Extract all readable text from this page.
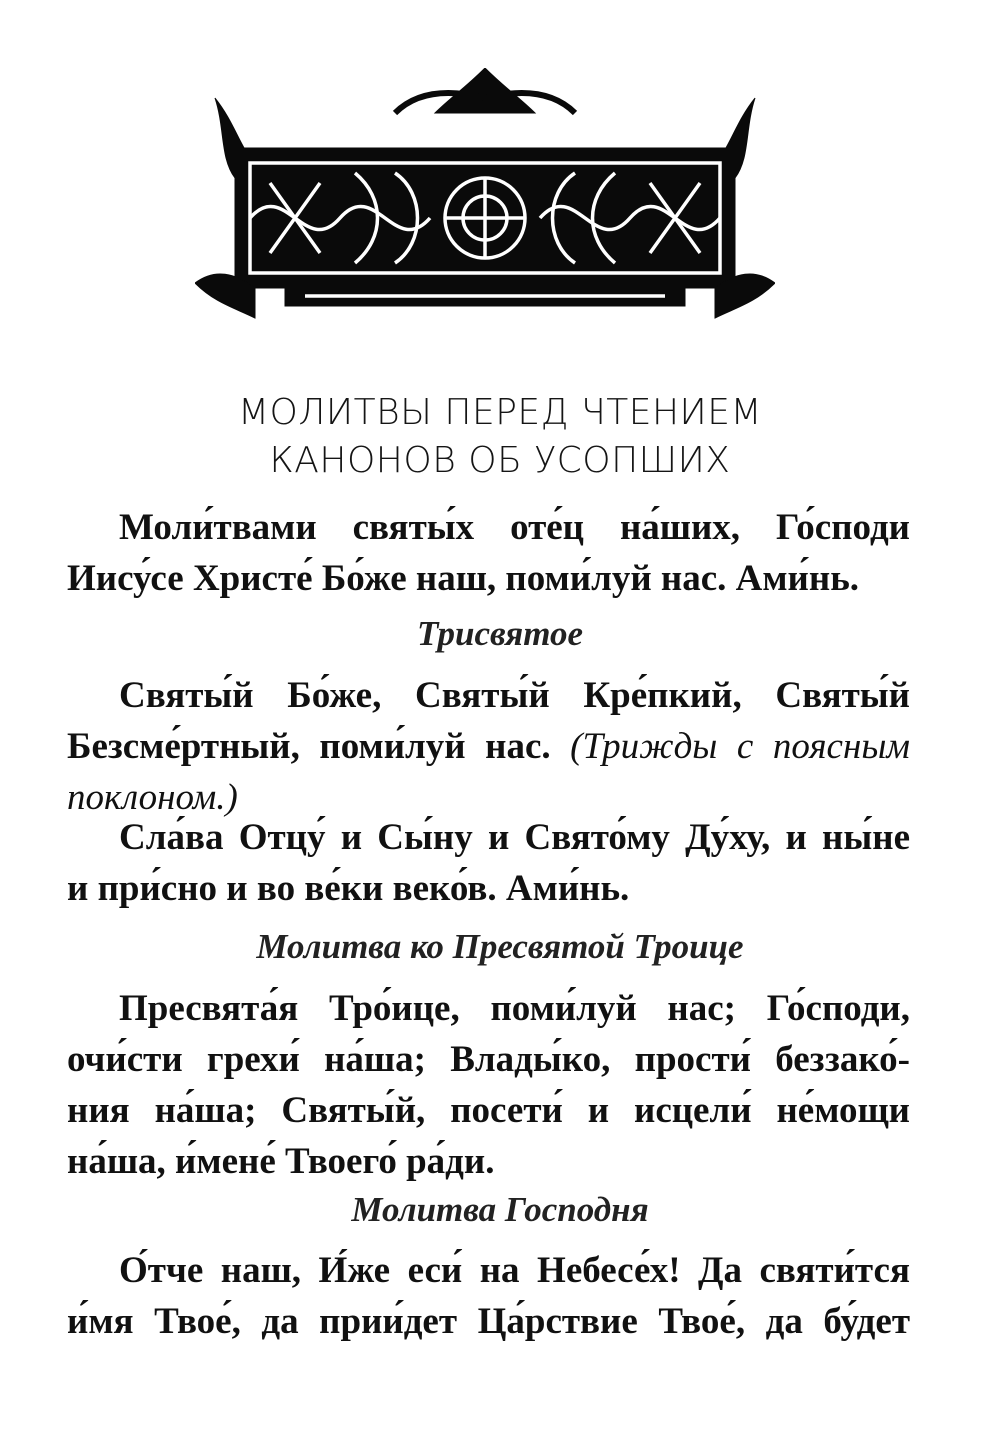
МОЛИТВЫ ПЕРЕД ЧТЕНИЕМ
КАНОНОВ ОБ УСОПШИХ
Моли́твами святы́х оте́ц на́ших, Го́споди
Иису́се Христе́ Бо́же наш, поми́луй нас. Ами́нь.
Трисвятое
Святы́й Бо́же, Святы́й Кре́пкий, Святы́й
Безсме́ртный, поми́луй нас. (Трижды с поясным
поклоном.)
Сла́ва Отцу́ и Сы́ну и Свято́му Ду́ху, и ны́не
и при́сно и во ве́ки веко́в. Ами́нь.
Молитва ко Пресвятой Троице
Пресвята́я Тро́ице, поми́луй нас; Го́споди,
очи́сти грехи́ на́ша; Влады́ко, прости́ беззако́-
ния на́ша; Святы́й, посети́ и исцели́ не́мощи
на́ша, и́мене́ Твоего́ ра́ди.
Молитва Господня
О́тче наш, И́же еси́ на Небесе́х! Да святи́тся
и́мя Твое́, да прии́дет Ца́рствие Твое́, да бу́дет
